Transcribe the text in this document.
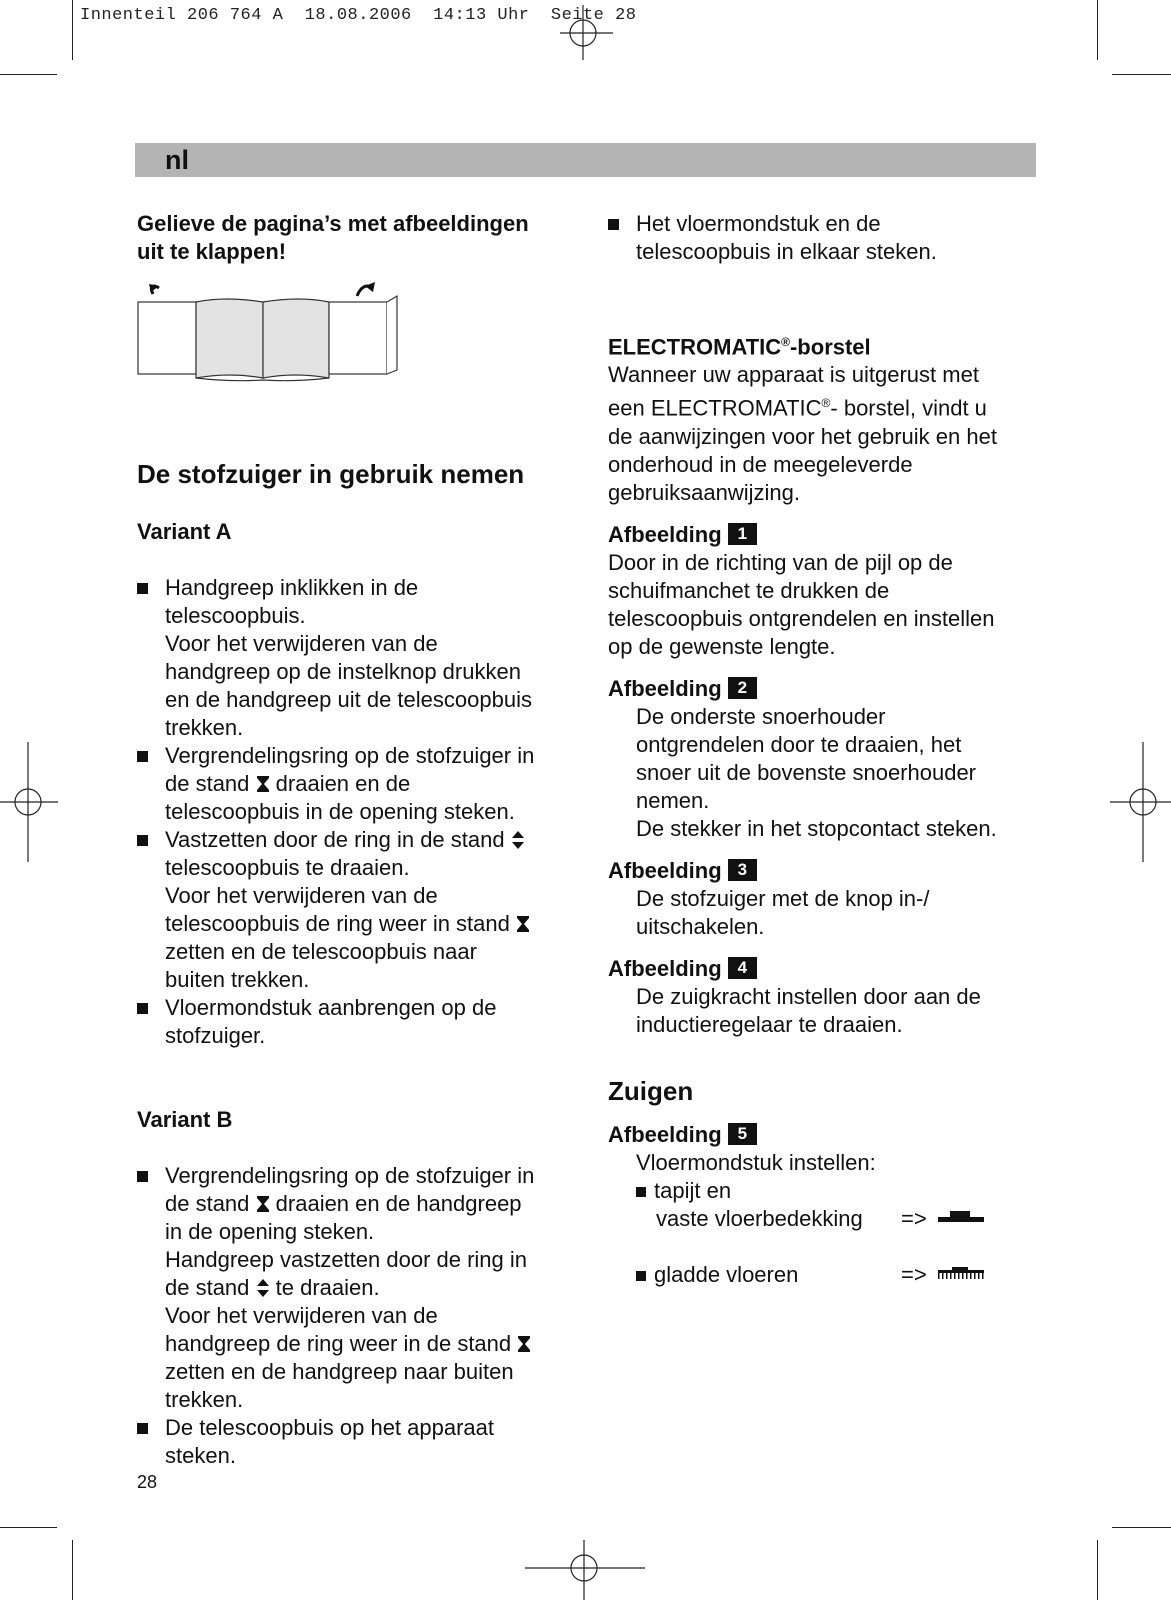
Innenteil 206 764 A  18.08.2006  14:13 Uhr  Seite 28
nl
Gelieve de pagina’s met afbeeldingen
uit te klappen!
De stofzuiger in gebruik nemen
Variant A
Handgreep inklikken in de
telescoopbuis.
Voor het verwijderen van de
handgreep op de instelknop drukken
en de handgreep uit de telescoopbuis
trekken.
Vergrendelingsring op de stofzuiger in
de stand draaien en de
telescoopbuis in de opening steken.
Vastzetten door de ring in de stand
telescoopbuis te draaien.
Voor het verwijderen van de
telescoopbuis de ring weer in stand
zetten en de telescoopbuis naar
buiten trekken.
Vloermondstuk aanbrengen op de
stofzuiger.
Variant B
Vergrendelingsring op de stofzuiger in
de stand draaien en de handgreep
in de opening steken.
Handgreep vastzetten door de ring in
de stand te draaien.
Voor het verwijderen van de
handgreep de ring weer in de stand
zetten en de handgreep naar buiten
trekken.
De telescoopbuis op het apparaat
steken.
28
Het vloermondstuk en de
telescoopbuis in elkaar steken.
ELECTROMATIC®-borstel
Wanneer uw apparaat is uitgerust met
een ELECTROMATIC®- borstel, vindt u
de aanwijzingen voor het gebruik en het
onderhoud in de meegeleverde
gebruiksaanwijzing.
Afbeelding 1
Door in de richting van de pijl op de
schuifmanchet te drukken de
telescoopbuis ontgrendelen en instellen
op de gewenste lengte.
Afbeelding 2
De onderste snoerhouder
ontgrendelen door te draaien, het
snoer uit de bovenste snoerhouder
nemen.
De stekker in het stopcontact steken.
Afbeelding 3
De stofzuiger met de knop in-/
uitschakelen.
Afbeelding 4
De zuigkracht instellen door aan de
inductieregelaar te draaien.
Zuigen
Afbeelding 5
Vloermondstuk instellen:
tapijt en
vaste vloerbedekking	=>
gladde vloeren	=>
